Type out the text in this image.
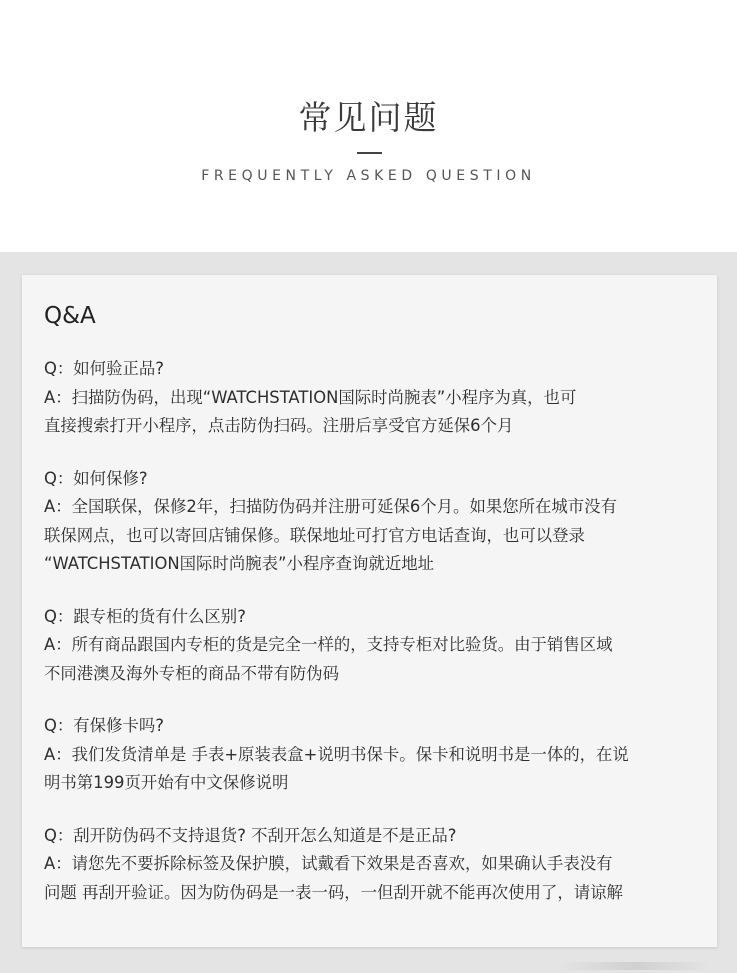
常见问题
FREQUENTLY ASKED QUESTION
Q&A
Q：如何验正品?
A：扫描防伪码，出现“WATCHSTATION国际时尚腕表”小程序为真，也可
直接搜索打开小程序，点击防伪扫码。注册后享受官方延保6个月
Q：如何保修?
A：全国联保，保修2年，扫描防伪码并注册可延保6个月。如果您所在城市没有
联保网点，也可以寄回店铺保修。联保地址可打官方电话查询，也可以登录
“WATCHSTATION国际时尚腕表”小程序查询就近地址
Q：跟专柜的货有什么区别?
A：所有商品跟国内专柜的货是完全一样的，支持专柜对比验货。由于销售区域
不同港澳及海外专柜的商品不带有防伪码
Q：有保修卡吗?
A：我们发货清单是 手表+原装表盒+说明书保卡。保卡和说明书是一体的，在说
明书第199页开始有中文保修说明
Q：刮开防伪码不支持退货? 不刮开怎么知道是不是正品?
A：请您先不要拆除标签及保护膜，试戴看下效果是否喜欢，如果确认手表没有
问题 再刮开验证。因为防伪码是一表一码，一但刮开就不能再次使用了，请谅解
